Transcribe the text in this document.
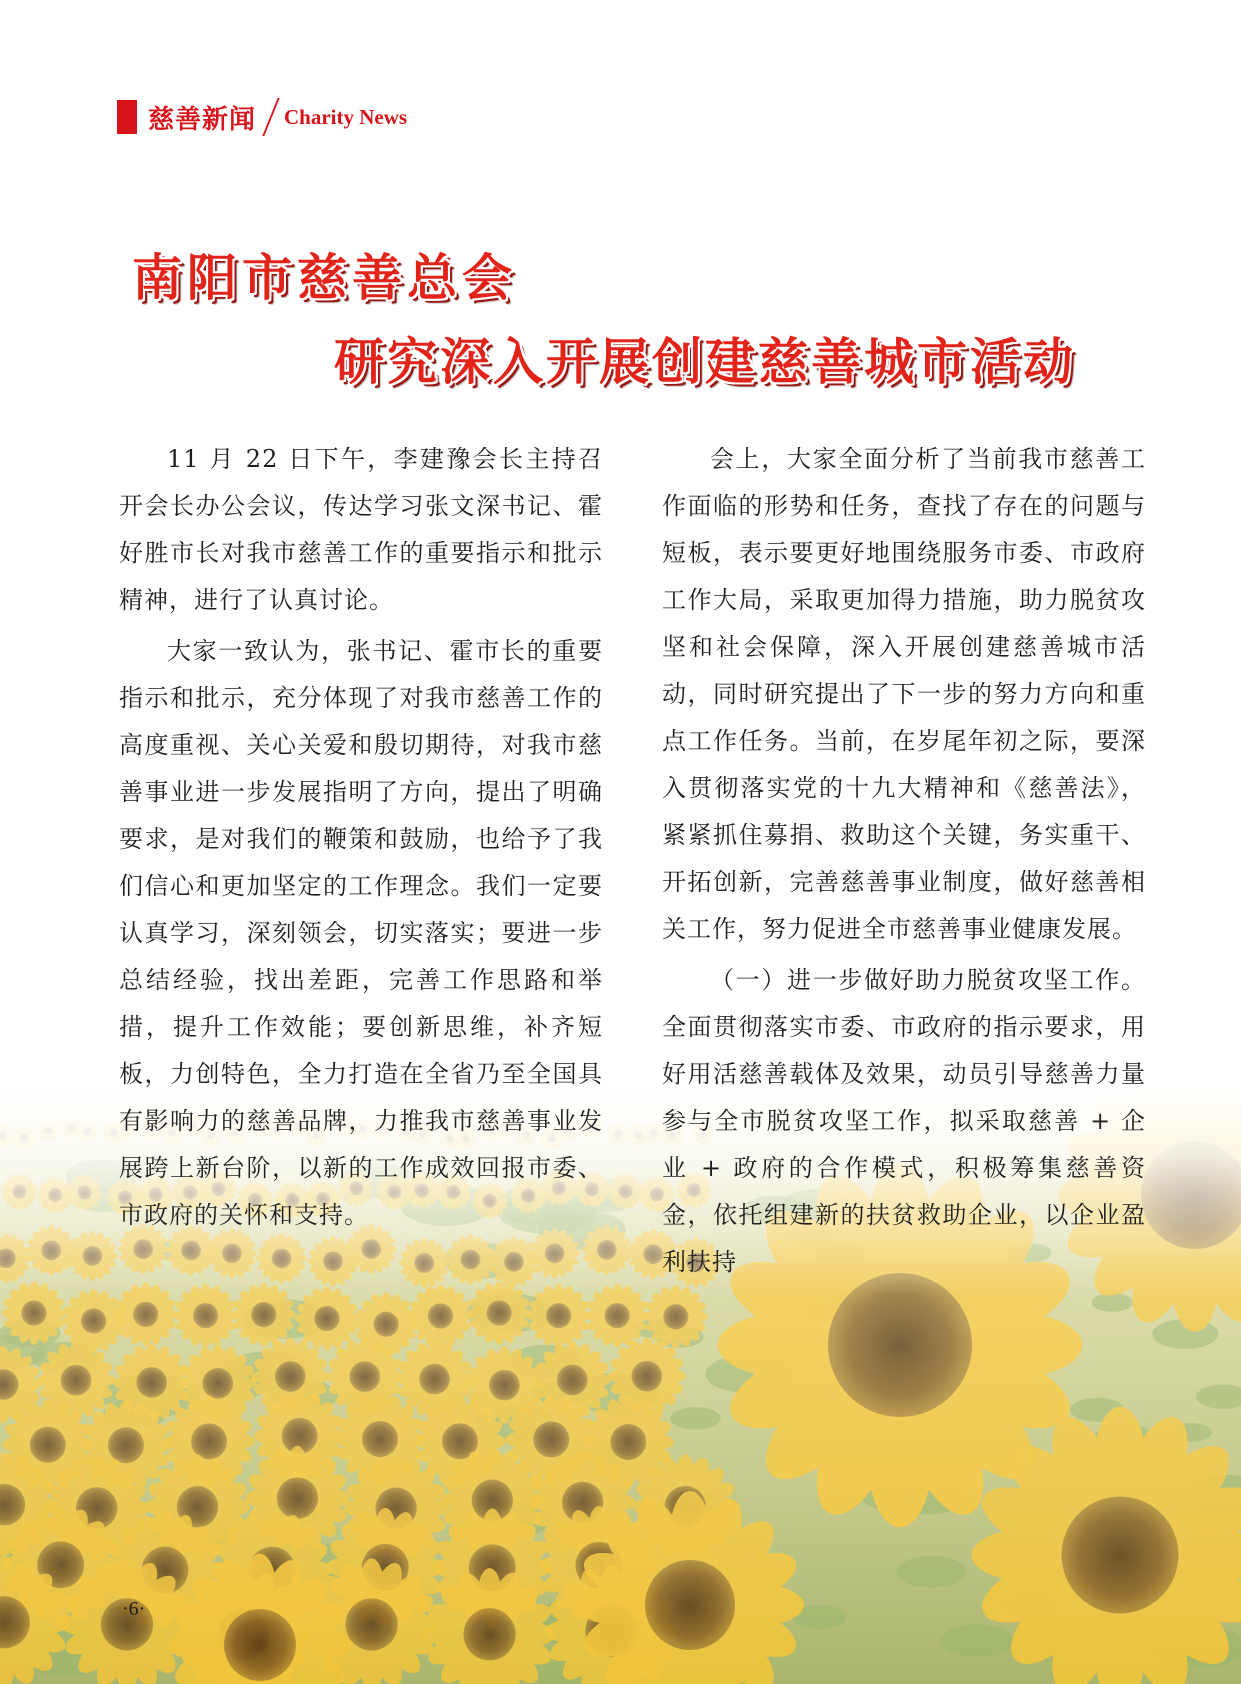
慈善新闻 Charity News
南阳市慈善总会
研究深入开展创建慈善城市活动

11 月 22 日下午，李建豫会长主持召开会长办公会议，传达学习张文深书记、霍好胜市长对我市慈善工作的重要指示和批示精神，进行了认真讨论。

大家一致认为，张书记、霍市长的重要指示和批示，充分体现了对我市慈善工作的高度重视、关心关爱和殷切期待，对我市慈善事业进一步发展指明了方向，提出了明确要求，是对我们的鞭策和鼓励，也给予了我们信心和更加坚定的工作理念。我们一定要认真学习，深刻领会，切实落实；要进一步总结经验，找出差距，完善工作思路和举措，提升工作效能；要创新思维，补齐短板，力创特色，全力打造在全省乃至全国具有影响力的慈善品牌，力推我市慈善事业发展跨上新台阶，以新的工作成效回报市委、市政府的关怀和支持。

会上，大家全面分析了当前我市慈善工作面临的形势和任务，查找了存在的问题与短板，表示要更好地围绕服务市委、市政府工作大局，采取更加得力措施，助力脱贫攻坚和社会保障，深入开展创建慈善城市活动，同时研究提出了下一步的努力方向和重点工作任务。当前，在岁尾年初之际，要深入贯彻落实党的十九大精神和《慈善法》，紧紧抓住募捐、救助这个关键，务实重干、开拓创新，完善慈善事业制度，做好慈善相关工作，努力促进全市慈善事业健康发展。

（一）进一步做好助力脱贫攻坚工作。全面贯彻落实市委、市政府的指示要求，用好用活慈善载体及效果，动员引导慈善力量参与全市脱贫攻坚工作，拟采取慈善 + 企业 + 政府的合作模式，积极筹集慈善资金，依托组建新的扶贫救助企业，以企业盈利扶持

·6·
